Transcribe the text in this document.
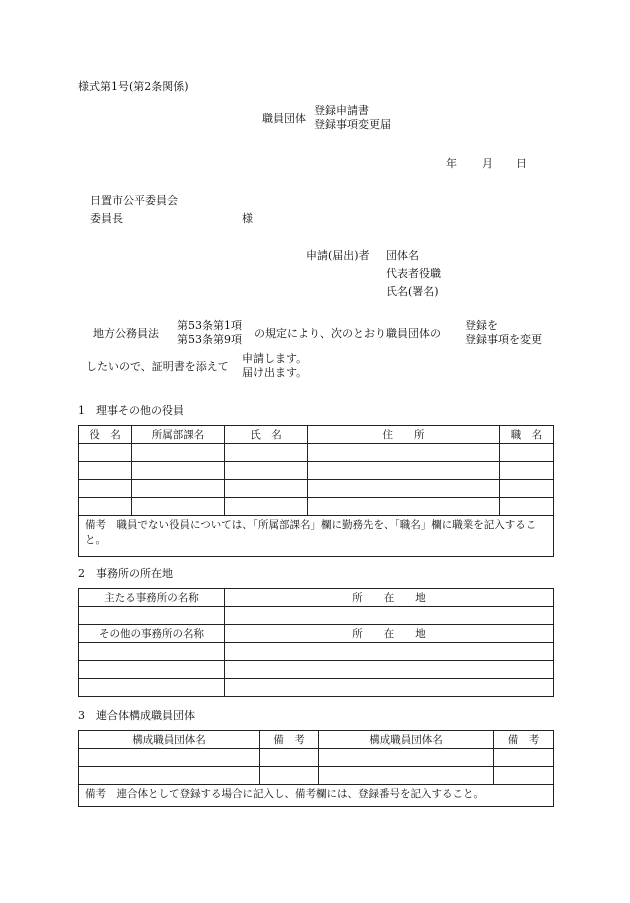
様式第1号(第2条関係)
職員団体
登録申請書
登録事項変更届
年 月 日
日置市公平委員会
委員長	様
申請(届出)者 団体名
代表者役職
氏名(署名)
地方公務員法
第53条第1項
第53条第9項 の規定により、次のとおり職員団体の
登録を
登録事項を変更
したいので、証明書を添えて
申請します。
届け出ます。
1　理事その他の役員
役　名	所属部課名	氏　名	住　　所	職　名

備考　職員でない役員については、「所属部課名」欄に勤務先を、「職名」欄に職業を記入すること。				
2　事務所の所在地
主たる事務所の名称	所　　在　　地

その他の事務所の名称	所　　在　　地

3　連合体構成職員団体
構成職員団体名	備　考	構成職員団体名	備　考

備考　連合体として登録する場合に記入し、備考欄には、登録番号を記入すること。			
